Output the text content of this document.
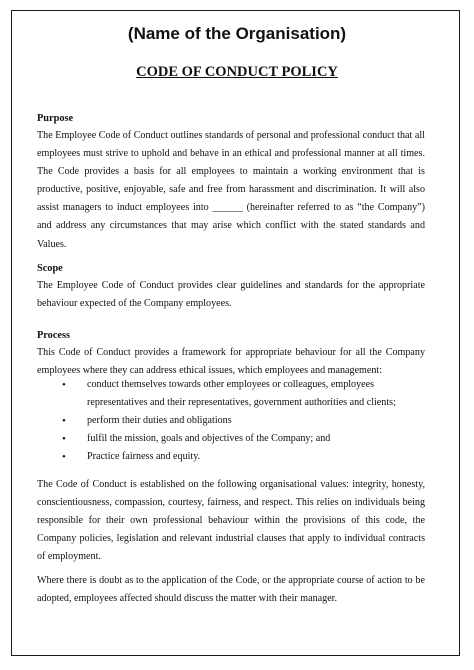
(Name of the Organisation)
CODE OF CONDUCT POLICY
Purpose
The Employee Code of Conduct outlines standards of personal and professional conduct that all employees must strive to uphold and behave in an ethical and professional manner at all times. The Code provides a basis for all employees to maintain a working environment that is productive, positive, enjoyable, safe and free from harassment and discrimination. It will also assist managers to induct employees into ______ (hereinafter referred to as “the Company”) and address any circumstances that may arise which conflict with the stated standards and Values.
Scope
The Employee Code of Conduct provides clear guidelines and standards for the appropriate behaviour expected of the Company employees.
Process
This Code of Conduct provides a framework for appropriate behaviour for all the Company employees where they can address ethical issues, which employees and management:
• conduct themselves towards other employees or colleagues, employees representatives and their representatives, government authorities and clients;
• perform their duties and obligations
• fulfil the mission, goals and objectives of the Company; and
• Practice fairness and equity.
The Code of Conduct is established on the following organisational values: integrity, honesty, conscientiousness, compassion, courtesy, fairness, and respect. This relies on individuals being responsible for their own professional behaviour within the provisions of this code, the Company policies, legislation and relevant industrial clauses that apply to individual contracts of employment.
Where there is doubt as to the application of the Code, or the appropriate course of action to be adopted, employees affected should discuss the matter with their manager.
